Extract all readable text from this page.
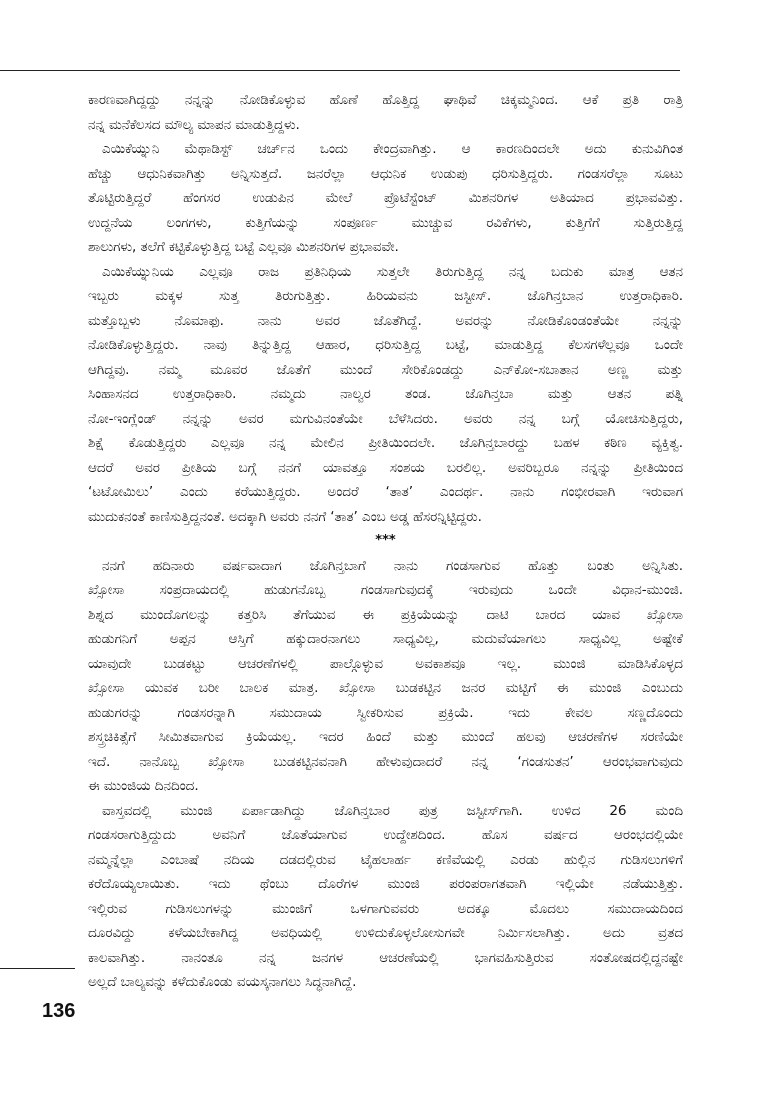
ಕಾರಣವಾಗಿದ್ದದ್ದು ನನ್ನನ್ನು ನೋಡಿಕೊಳ್ಳುವ ಹೊಣೆ ಹೊತ್ತಿದ್ದ ಘಾಥಿವೆ ಚಿಕ್ಕಮ್ಮನಿಂದ. ಆಕೆ ಪ್ರತಿ ರಾತ್ರಿ
ನನ್ನ ಮನೆಕೆಲಸದ ಮೌಲ್ಯ ಮಾಪನ ಮಾಡುತ್ತಿದ್ದಳು.
ಎಯಿಕೆಯ್ನುನಿ ಮೆಥಾಡಿಸ್ಟ್ ಚರ್ಚ್‌ನ ಒಂದು ಕೇಂದ್ರವಾಗಿತ್ತು. ಆ ಕಾರಣದಿಂದಲೇ ಅದು ಕುನುವಿಗಿಂತ
ಹೆಚ್ಚು ಆಧುನಿಕವಾಗಿತ್ತು ಅನ್ನಿಸುತ್ತದೆ. ಜನರೆಲ್ಲಾ ಆಧುನಿಕ ಉಡುಪು ಧರಿಸುತ್ತಿದ್ದರು. ಗಂಡಸರೆಲ್ಲಾ ಸೂಟು
ತೊಟ್ಟಿರುತ್ತಿದ್ದರೆ ಹೆಂಗಸರ ಉಡುಪಿನ ಮೇಲೆ ಪ್ರೊಟೆಸ್ಟೆಂಟ್ ಮಿಶನರಿಗಳ ಅತಿಯಾದ ಪ್ರಭಾವವಿತ್ತು.
ಉದ್ದನೆಯ ಲಂಗಗಳು, ಕುತ್ತಿಗೆಯನ್ನು ಸಂಪೂರ್ಣ ಮುಚ್ಚುವ ರವಿಕೆಗಳು, ಕುತ್ತಿಗೆಗೆ ಸುತ್ತಿರುತ್ತಿದ್ದ
ಶಾಲುಗಳು, ತಲೆಗೆ ಕಟ್ಟಿಕೊಳ್ಳುತ್ತಿದ್ದ ಬಟ್ಟೆ ಎಲ್ಲವೂ ಮಿಶನರಿಗಳ ಪ್ರಭಾವವೇ.
ಎಯಿಕೆಯ್ನುನಿಯ ಎಲ್ಲವೂ ರಾಜ ಪ್ರತಿನಿಧಿಯ ಸುತ್ತಲೇ ತಿರುಗುತ್ತಿದ್ದ ನನ್ನ ಬದುಕು ಮಾತ್ರ ಆತನ
ಇಬ್ಬರು ಮಕ್ಕಳ ಸುತ್ತ ತಿರುಗುತ್ತಿತ್ತು. ಹಿರಿಯವನು ಜಸ್ಟೀಸ್. ಜೊಗಿನ್ತಬಾನ ಉತ್ತರಾಧಿಕಾರಿ.
ಮತ್ತೊಬ್ಬಳು ನೊಮಾಫು. ನಾನು ಅವರ ಜೊತೆಗಿದ್ದೆ. ಅವರನ್ನು ನೋಡಿಕೊಂಡಂತೆಯೇ ನನ್ನನ್ನು
ನೋಡಿಕೊಳ್ಳುತ್ತಿದ್ದರು. ನಾವು ತಿನ್ನುತ್ತಿದ್ದ ಆಹಾರ, ಧರಿಸುತ್ತಿದ್ದ ಬಟ್ಟೆ, ಮಾಡುತ್ತಿದ್ದ ಕೆಲಸಗಳೆಲ್ಲವೂ ಒಂದೇ
ಆಗಿದ್ದವು. ನಮ್ಮ ಮೂವರ ಜೊತೆಗೆ ಮುಂದೆ ಸೇರಿಕೊಂಡದ್ದು ಎನ್‌ಕೋ-ಸಬಾತಾನ ಅಣ್ಣ ಮತ್ತು
ಸಿಂಹಾಸನದ ಉತ್ತರಾಧಿಕಾರಿ. ನಮ್ಮದು ನಾಲ್ವರ ತಂಡ. ಜೊಗಿನ್ತಬಾ ಮತ್ತು ಆತನ ಪತ್ನಿ
ನೋ-ಇಂಗ್ಲೆಂಡ್ ನನ್ನನ್ನು ಅವರ ಮಗುವಿನಂತೆಯೇ ಬೆಳೆಸಿದರು. ಅವರು ನನ್ನ ಬಗ್ಗೆ ಯೋಚಿಸುತ್ತಿದ್ದರು,
ಶಿಕ್ಷೆ ಕೊಡುತ್ತಿದ್ದರು ಎಲ್ಲವೂ ನನ್ನ ಮೇಲಿನ ಪ್ರೀತಿಯಿಂದಲೇ. ಜೊಗಿನ್ತಬಾರದ್ದು ಬಹಳ ಕಠಿಣ ವ್ಯಕ್ತಿತ್ವ.
ಆದರೆ ಅವರ ಪ್ರೀತಿಯ ಬಗ್ಗೆ ನನಗೆ ಯಾವತ್ತೂ ಸಂಶಯ ಬರಲಿಲ್ಲ. ಅವರಿಬ್ಬರೂ ನನ್ನನ್ನು ಪ್ರೀತಿಯಿಂದ
‘ಟಟೋಮಿಲು’ ಎಂದು ಕರೆಯುತ್ತಿದ್ದರು. ಅಂದರೆ ‘ತಾತ’ ಎಂದರ್ಥ. ನಾನು ಗಂಭೀರವಾಗಿ ಇರುವಾಗ
ಮುದುಕನಂತೆ ಕಾಣಿಸುತ್ತಿದ್ದನಂತೆ. ಅದಕ್ಕಾಗಿ ಅವರು ನನಗೆ ‘ತಾತ’ ಎಂಬ ಅಡ್ಡ ಹೆಸರನ್ನಿಟ್ಟಿದ್ದರು.
***
ನನಗೆ ಹದಿನಾರು ವರ್ಷವಾದಾಗ ಜೊಗಿನ್ತಬಾಗೆ ನಾನು ಗಂಡಸಾಗುವ ಹೊತ್ತು ಬಂತು ಅನ್ನಿಸಿತು.
ಖ್ಸೋಸಾ ಸಂಪ್ರದಾಯದಲ್ಲಿ ಹುಡುಗನೊಬ್ಬ ಗಂಡಸಾಗುವುದಕ್ಕೆ ಇರುವುದು ಒಂದೇ ವಿಧಾನ-ಮುಂಜಿ.
ಶಿಶ್ನದ ಮುಂದೊಗಲನ್ನು ಕತ್ತರಿಸಿ ತೆಗೆಯುವ ಈ ಪ್ರಕ್ರಿಯೆಯನ್ನು ದಾಟಿ ಬಾರದ ಯಾವ ಖ್ಸೋಸಾ
ಹುಡುಗನಿಗೆ ಅಪ್ಪನ ಆಸ್ತಿಗೆ ಹಕ್ಕುದಾರನಾಗಲು ಸಾಧ್ಯವಿಲ್ಲ, ಮದುವೆಯಾಗಲು ಸಾಧ್ಯವಿಲ್ಲ ಅಷ್ಟೇಕೆ
ಯಾವುದೇ ಬುಡಕಟ್ಟು ಆಚರಣೆಗಳಲ್ಲಿ ಪಾಲ್ಗೊಳ್ಳುವ ಅವಕಾಶವೂ ಇಲ್ಲ. ಮುಂಜಿ ಮಾಡಿಸಿಕೊಳ್ಳದ
ಖ್ಸೋಸಾ ಯುವಕ ಬರೀ ಬಾಲಕ ಮಾತ್ರ. ಖ್ಸೋಸಾ ಬುಡಕಟ್ಟಿನ ಜನರ ಮಟ್ಟಿಗೆ ಈ ಮುಂಜಿ ಎಂಬುದು
ಹುಡುಗರನ್ನು ಗಂಡಸರನ್ನಾಗಿ ಸಮುದಾಯ ಸ್ವೀಕರಿಸುವ ಪ್ರಕ್ರಿಯೆ. ಇದು ಕೇವಲ ಸಣ್ಣದೊಂದು
ಶಸ್ತ್ರಚಿಕಿತ್ಸೆಗೆ ಸೀಮಿತವಾಗುವ ಕ್ರಿಯೆಯಲ್ಲ. ಇದರ ಹಿಂದೆ ಮತ್ತು ಮುಂದೆ ಹಲವು ಆಚರಣೆಗಳ ಸರಣಿಯೇ
ಇದೆ. ನಾನೊಬ್ಬ ಖ್ಸೋಸಾ ಬುಡಕಟ್ಟಿನವನಾಗಿ ಹೇಳುವುದಾದರೆ ನನ್ನ ‘ಗಂಡಸುತನ’ ಆರಂಭವಾಗುವುದು
ಈ ಮುಂಜಿಯ ದಿನದಿಂದ.
ವಾಸ್ತವದಲ್ಲಿ ಮುಂಜಿ ಏರ್ಪಾಡಾಗಿದ್ದು ಜೊಗಿನ್ತಬಾರ ಪುತ್ರ ಜಸ್ಟೀಸ್‌ಗಾಗಿ. ಉಳಿದ 26 ಮಂದಿ
ಗಂಡಸರಾಗುತ್ತಿದ್ದುದು ಅವನಿಗೆ ಜೊತೆಯಾಗುವ ಉದ್ದೇಶದಿಂದ. ಹೊಸ ವರ್ಷದ ಆರಂಭದಲ್ಲಿಯೇ
ನಮ್ಮನ್ನೆಲ್ಲಾ ಎಂಬಾಷೆ ನದಿಯ ದಡದಲ್ಲಿರುವ ಟೈಹಲಾರ್ಹ ಕಣಿವೆಯಲ್ಲಿ ಎರಡು ಹುಲ್ಲಿನ ಗುಡಿಸಲುಗಳಿಗೆ
ಕರೆದೊಯ್ಯಲಾಯಿತು. ಇದು ಥೆಂಬು ದೊರೆಗಳ ಮುಂಜಿ ಪರಂಪರಾಗತವಾಗಿ ಇಲ್ಲಿಯೇ ನಡೆಯುತ್ತಿತ್ತು.
ಇಲ್ಲಿರುವ ಗುಡಿಸಲುಗಳನ್ನು ಮುಂಜಿಗೆ ಒಳಗಾಗುವವರು ಅದಕ್ಕೂ ಮೊದಲು ಸಮುದಾಯದಿಂದ
ದೂರವಿದ್ದು ಕಳೆಯಬೇಕಾಗಿದ್ದ ಅವಧಿಯಲ್ಲಿ ಉಳಿದುಕೊಳ್ಳಲೋಸುಗವೇ ನಿರ್ಮಿಸಲಾಗಿತ್ತು. ಅದು ವ್ರತದ
ಕಾಲವಾಗಿತ್ತು. ನಾನಂತೂ ನನ್ನ ಜನಗಳ ಆಚರಣೆಯಲ್ಲಿ ಭಾಗವಹಿಸುತ್ತಿರುವ ಸಂತೋಷದಲ್ಲಿದ್ದನಷ್ಟೇ
ಅಲ್ಲದೆ ಬಾಲ್ಯವನ್ನು ಕಳೆದುಕೊಂಡು ವಯಸ್ಕನಾಗಲು ಸಿದ್ಧನಾಗಿದ್ದೆ.
136
